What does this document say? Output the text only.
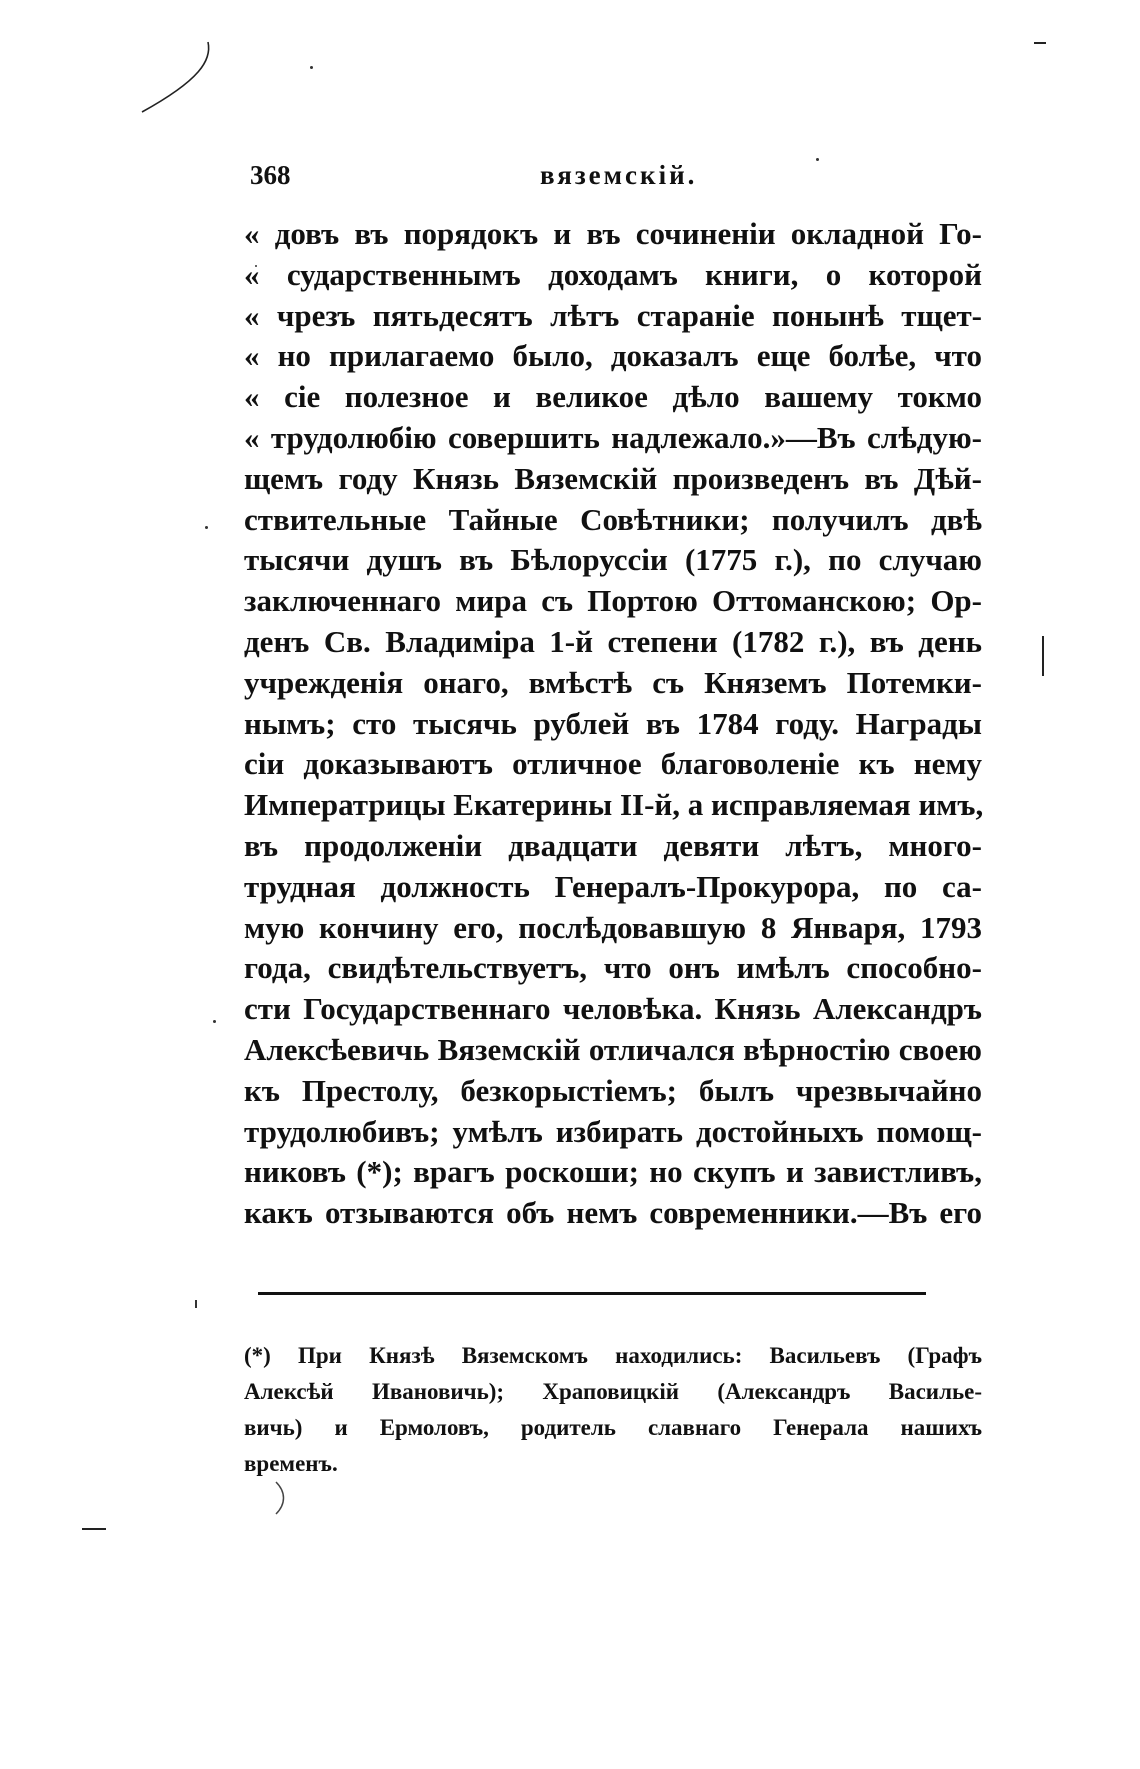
368	вяземскій.
« довъ въ порядокъ и въ сочиненіи окладной Го-
« сударственнымъ доходамъ книги, о которой
« чрезъ пятьдесятъ лѣтъ стараніе понынѣ тщет-
« но прилагаемо было, доказалъ еще болѣе, что
« сіе полезное и великое дѣло вашему токмо
« трудолюбію совершить надлежало.»—Въ слѣдую-
щемъ году Князь Вяземскій произведенъ въ Дѣй-
ствительные Тайные Совѣтники; получилъ двѣ
тысячи душъ въ Бѣлоруссіи (1775 г.), по случаю
заключеннаго мира съ Портою Оттоманскою; Ор-
денъ Св. Владиміра 1-й степени (1782 г.), въ день
учрежденія онаго, вмѣстѣ съ Княземъ Потемки-
нымъ; сто тысячь рублей въ 1784 году. Награды
сіи доказываютъ отличное благоволеніе къ нему
Императрицы Екатерины II-й, а исправляемая имъ,
въ продолженіи двадцати девяти лѣтъ, много-
трудная должность Генералъ-Прокурора, по са-
мую кончину его, послѣдовавшую 8 Января, 1793
года, свидѣтельствуетъ, что онъ имѣлъ способно-
сти Государственнаго человѣка. Князь Александръ
Алексѣевичь Вяземскій отличался вѣрностію своею
къ Престолу, безкорыстіемъ; былъ чрезвычайно
трудолюбивъ; умѣлъ избирать достойныхъ помощ-
никовъ (*); врагъ роскоши; но скупъ и завистливъ,
какъ отзываются объ немъ современники.—Въ его
(*) При Князѣ Вяземскомъ находились: Васильевъ (Графъ
Алексѣй Ивановичь); Храповицкій (Александръ Василье-
вичь) и Ермоловъ, родитель славнаго Генерала нашихъ
временъ.
